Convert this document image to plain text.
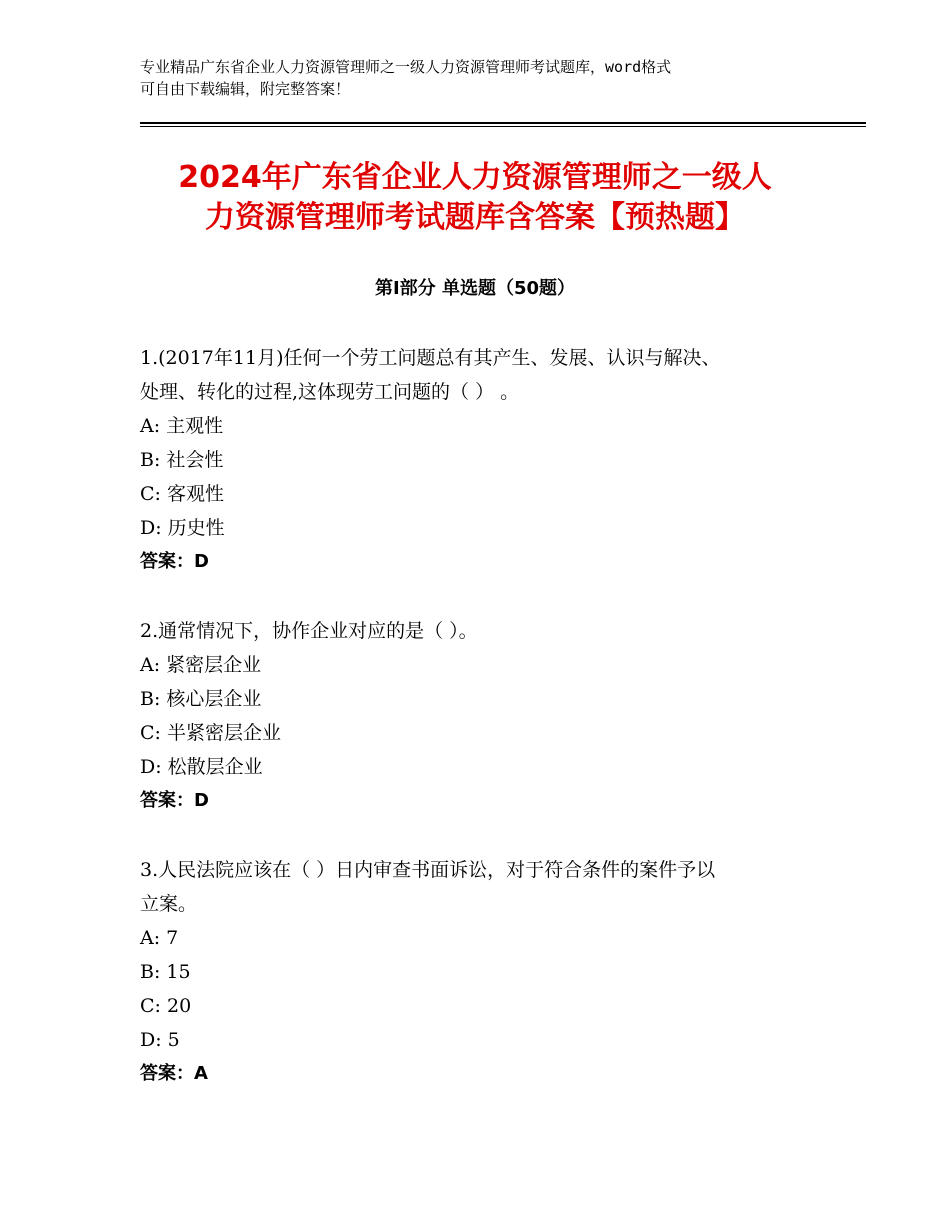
专业精品广东省企业人力资源管理师之一级人力资源管理师考试题库，word格式
可自由下载编辑，附完整答案！
2024年广东省企业人力资源管理师之一级人
力资源管理师考试题库含答案【预热题】
第Ⅰ部分 单选题（50题）
1.(2017年11月)任何一个劳工问题总有其产生、发展、认识与解决、
处理、转化的过程,这体现劳工问题的（ ） 。
A: 主观性
B: 社会性
C: 客观性
D: 历史性
答案：D
2.通常情况下，协作企业对应的是（ ）。
A: 紧密层企业
B: 核心层企业
C: 半紧密层企业
D: 松散层企业
答案：D
3.人民法院应该在（ ）日内审查书面诉讼，对于符合条件的案件予以
立案。
A: 7
B: 15
C: 20
D: 5
答案：A
